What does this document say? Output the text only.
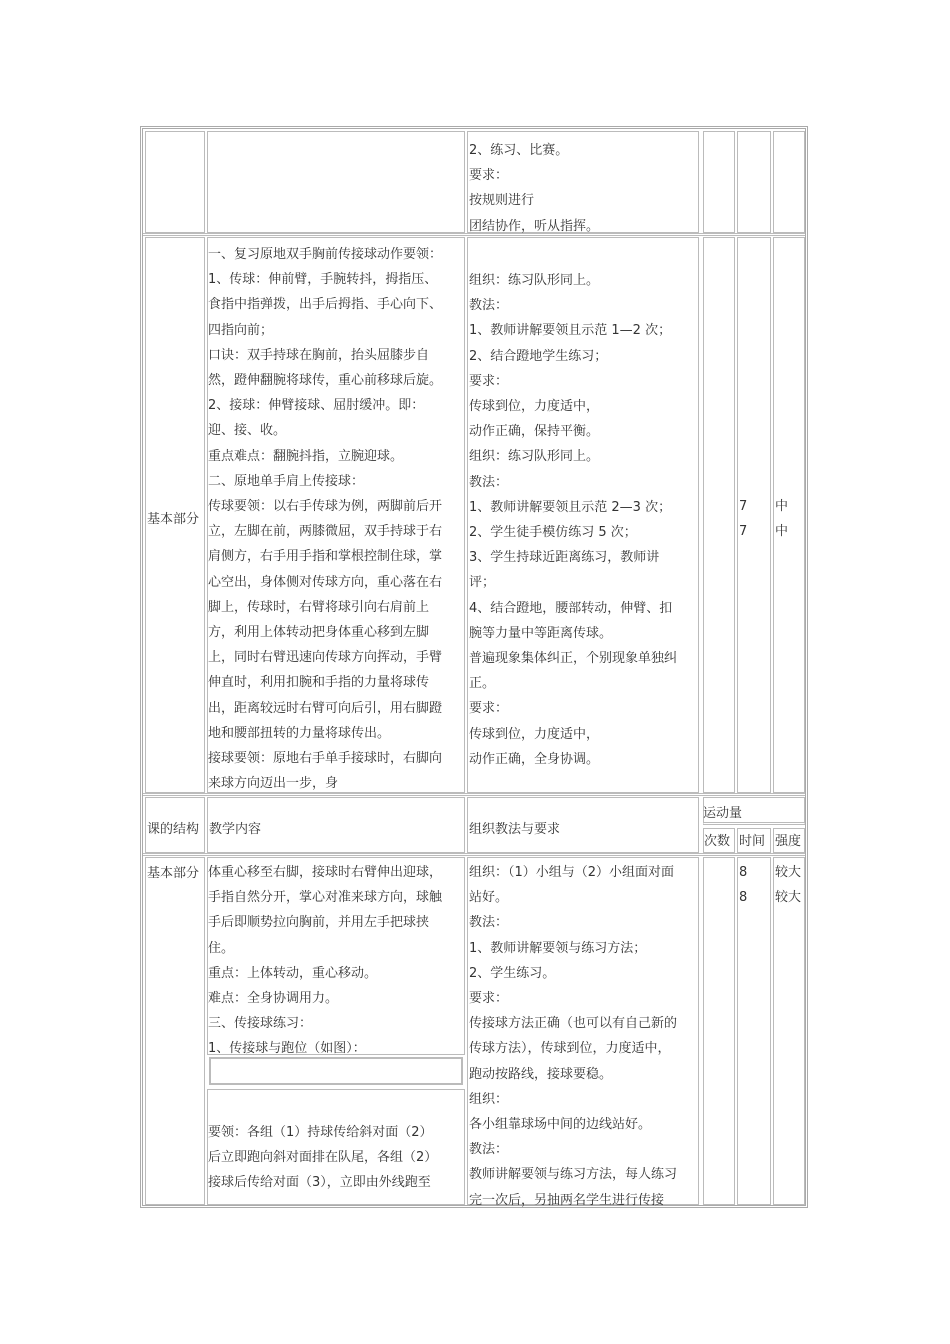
2、练习、比赛。
要求：
按规则进行
团结协作，听从指挥。
基本部分
一、复习原地双手胸前传接球动作要领：
1、传球：伸前臂，手腕转抖，拇指压、
食指中指弹拨，出手后拇指、手心向下、
四指向前；
口诀：双手持球在胸前，抬头屈膝步自
然，蹬伸翻腕将球传，重心前移球后旋。
2、接球：伸臂接球、屈肘缓冲。即：
迎、接、收。
重点难点：翻腕抖指，立腕迎球。
二、原地单手肩上传接球：
传球要领：以右手传球为例，两脚前后开
立，左脚在前，两膝微屈，双手持球于右
肩侧方，右手用手指和掌根控制住球，掌
心空出，身体侧对传球方向，重心落在右
脚上，传球时，右臂将球引向右肩前上
方，利用上体转动把身体重心移到左脚
上，同时右臂迅速向传球方向挥动，手臂
伸直时，利用扣腕和手指的力量将球传
出，距离较远时右臂可向后引，用右脚蹬
地和腰部扭转的力量将球传出。
接球要领：原地右手单手接球时，右脚向
来球方向迈出一步，身
组织：练习队形同上。
教法：
1、教师讲解要领且示范 1—2 次；
2、结合蹬地学生练习；
要求：
传球到位，力度适中，
动作正确，保持平衡。
组织：练习队形同上。
教法：
1、教师讲解要领且示范 2—3 次；
2、学生徒手模仿练习 5 次；
3、学生持球近距离练习，教师讲
评；
4、结合蹬地，腰部转动，伸臂、扣
腕等力量中等距离传球。
普遍现象集体纠正，个别现象单独纠
正。
要求：
传球到位，力度适中，
动作正确，全身协调。
7
7
中
中
课的结构 教学内容	组织教法与要求
运动量
次数 时间 强度
基本部分 体重心移至右脚，接球时右臂伸出迎球，
手指自然分开，掌心对准来球方向，球触
手后即顺势拉向胸前，并用左手把球挟
住。
重点：上体转动，重心移动。
难点：全身协调用力。
三、传接球练习：
1、传接球与跑位（如图）：
要领：各组（1）持球传给斜对面（2）
后立即跑向斜对面排在队尾，各组（2）
接球后传给对面（3），立即由外线跑至
组织：（1）小组与（2）小组面对面
站好。
教法：
1、教师讲解要领与练习方法；
2、学生练习。
要求：
传接球方法正确（也可以有自己新的
传球方法），传球到位，力度适中，
跑动按路线，接球要稳。
组织：
各小组靠球场中间的边线站好。
教法：
教师讲解要领与练习方法，每人练习
完一次后，另抽两名学生进行传接
8
8
较大
较大
